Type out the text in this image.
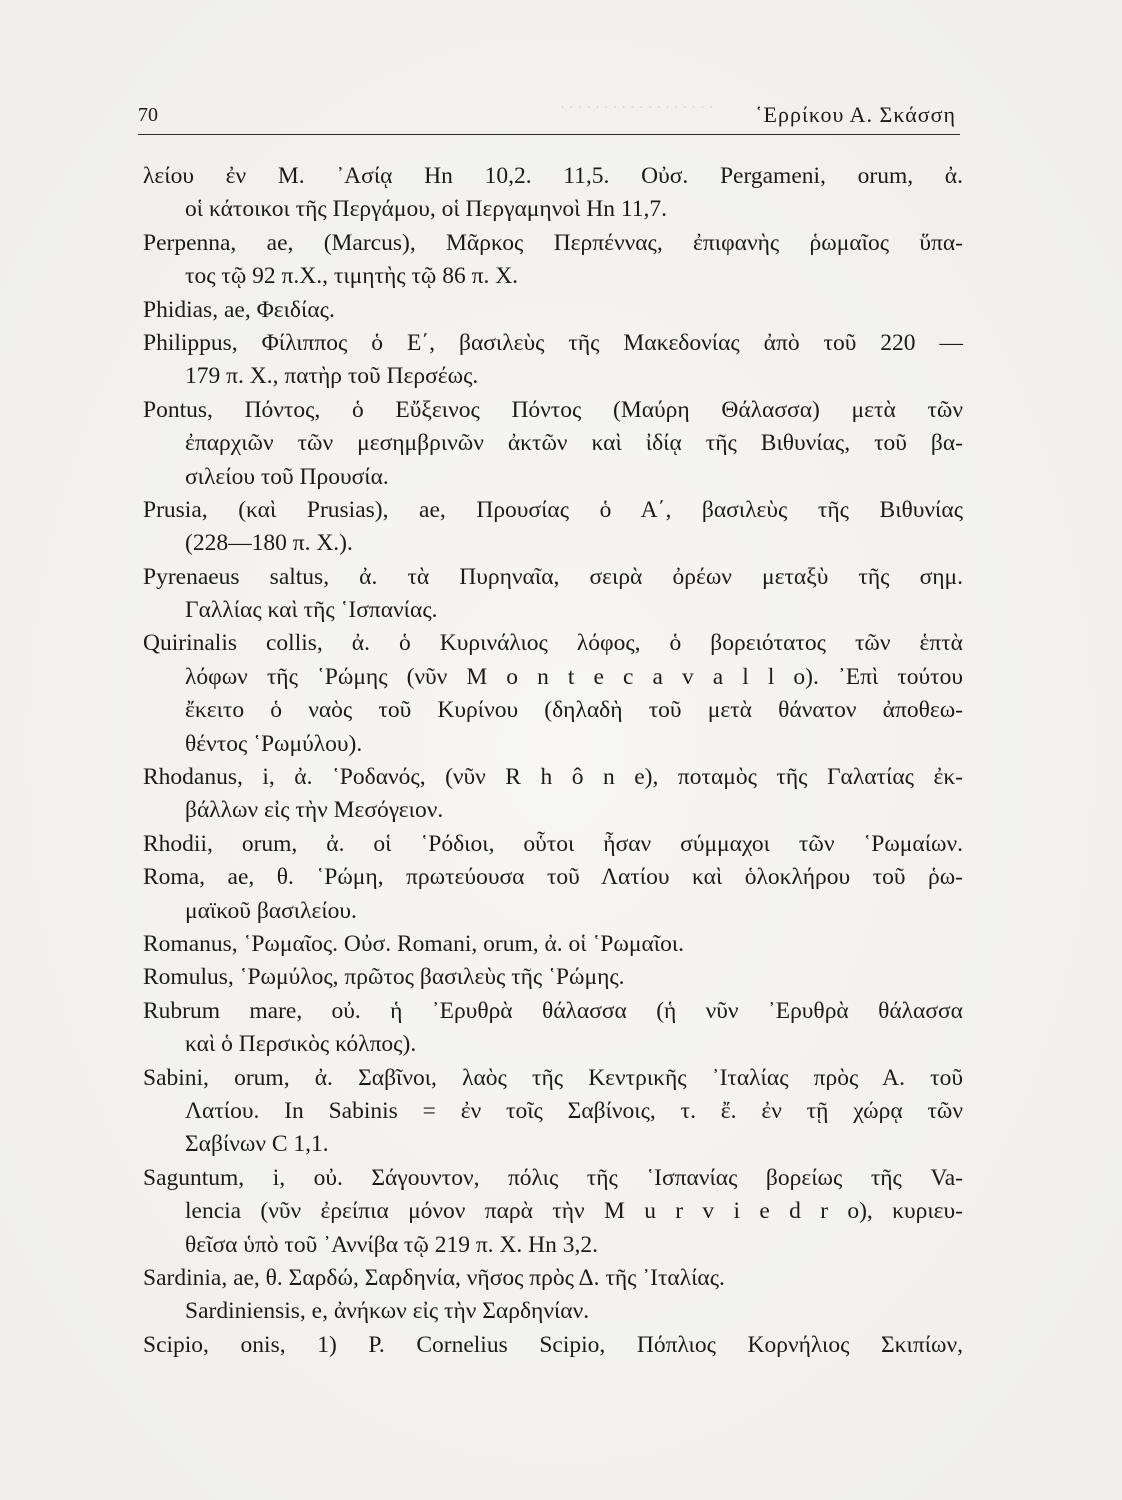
· · · · · · · · · · · · · · · · · ·
70	῾Ερρίκου Α. Σκάσση
λείου ἐν Μ. ᾿Ασίᾳ Hn 10,2. 11,5. Οὐσ. Pergameni, orum, ἀ.
οἱ κάτοικοι τῆς Περγάμου, οἱ Περγαμηνοὶ Hn 11,7.
Perpenna, ae, (Marcus), Μᾶρκος Περπέννας, ἐπιφανὴς ῥωμαῖος ὕπα-
τος τῷ 92 π.Χ., τιμητὴς τῷ 86 π. Χ.
Phidias, ae, Φειδίας.
Philippus, Φίλιππος ὁ Ε΄, βασιλεὺς τῆς Μακεδονίας ἀπὸ τοῦ 220 —
179 π. Χ., πατὴρ τοῦ Περσέως.
Pontus, Πόντος, ὁ Εὔξεινος Πόντος (Μαύρη Θάλασσα) μετὰ τῶν
ἐπαρχιῶν τῶν μεσημβρινῶν ἀκτῶν καὶ ἰδίᾳ τῆς Βιθυνίας, τοῦ βα-
σιλείου τοῦ Προυσία.
Prusia, (καὶ Prusias), ae, Προυσίας ὁ Α΄, βασιλεὺς τῆς Βιθυνίας
(228—180 π. Χ.).
Pyrenaeus saltus, ἀ. τὰ Πυρηναῖα, σειρὰ ὀρέων μεταξὺ τῆς σημ.
Γαλλίας καὶ τῆς ῾Ισπανίας.
Quirinalis collis, ἀ. ὁ Κυρινάλιος λόφος, ὁ βορειότατος τῶν ἑπτὰ
λόφων τῆς ῾Ρώμης (νῦν M o n t e c a v a l l o). ᾿Επὶ τούτου
ἔκειτο ὁ ναὸς τοῦ Κυρίνου (δηλαδὴ τοῦ μετὰ θάνατον ἀποθεω-
θέντος ῾Ρωμύλου).
Rhodanus, i, ἀ. ῾Ροδανός, (νῦν R h ô n e), ποταμὸς τῆς Γαλατίας ἐκ-
βάλλων εἰς τὴν Μεσόγειον.
Rhodii, orum, ἀ. οἱ ῾Ρόδιοι, οὗτοι ἦσαν σύμμαχοι τῶν ῾Ρωμαίων.
Roma, ae, θ. ῾Ρώμη, πρωτεύουσα τοῦ Λατίου καὶ ὁλοκλήρου τοῦ ῥω-
μαϊκοῦ βασιλείου.
Romanus, ῾Ρωμαῖος. Οὐσ. Romani, orum, ἀ. οἱ ῾Ρωμαῖοι.
Romulus, ῾Ρωμύλος, πρῶτος βασιλεὺς τῆς ῾Ρώμης.
Rubrum mare, οὐ. ἡ ᾿Ερυθρὰ θάλασσα (ἡ νῦν ᾿Ερυθρὰ θάλασσα
καὶ ὁ Περσικὸς κόλπος).
Sabini, orum, ἀ. Σαβῖνοι, λαὸς τῆς Κεντρικῆς ᾿Ιταλίας πρὸς Α. τοῦ
Λατίου. In Sabinis = ἐν τοῖς Σαβίνοις, τ. ἔ. ἐν τῇ χώρᾳ τῶν
Σαβίνων C 1,1.
Saguntum, i, οὐ. Σάγουντον, πόλις τῆς ῾Ισπανίας βορείως τῆς Va-
lencia (νῦν ἐρείπια μόνον παρὰ τὴν M u r v i e d r o), κυριευ-
θεῖσα ὑπὸ τοῦ ᾿Αννίβα τῷ 219 π. Χ. Hn 3,2.
Sardinia, ae, θ. Σαρδώ, Σαρδηνία, νῆσος πρὸς Δ. τῆς ᾿Ιταλίας.
Sardiniensis, e, ἀνήκων εἰς τὴν Σαρδηνίαν.
Scipio, onis, 1) P. Cornelius Scipio, Πόπλιος Κορνήλιος Σκιπίων,
